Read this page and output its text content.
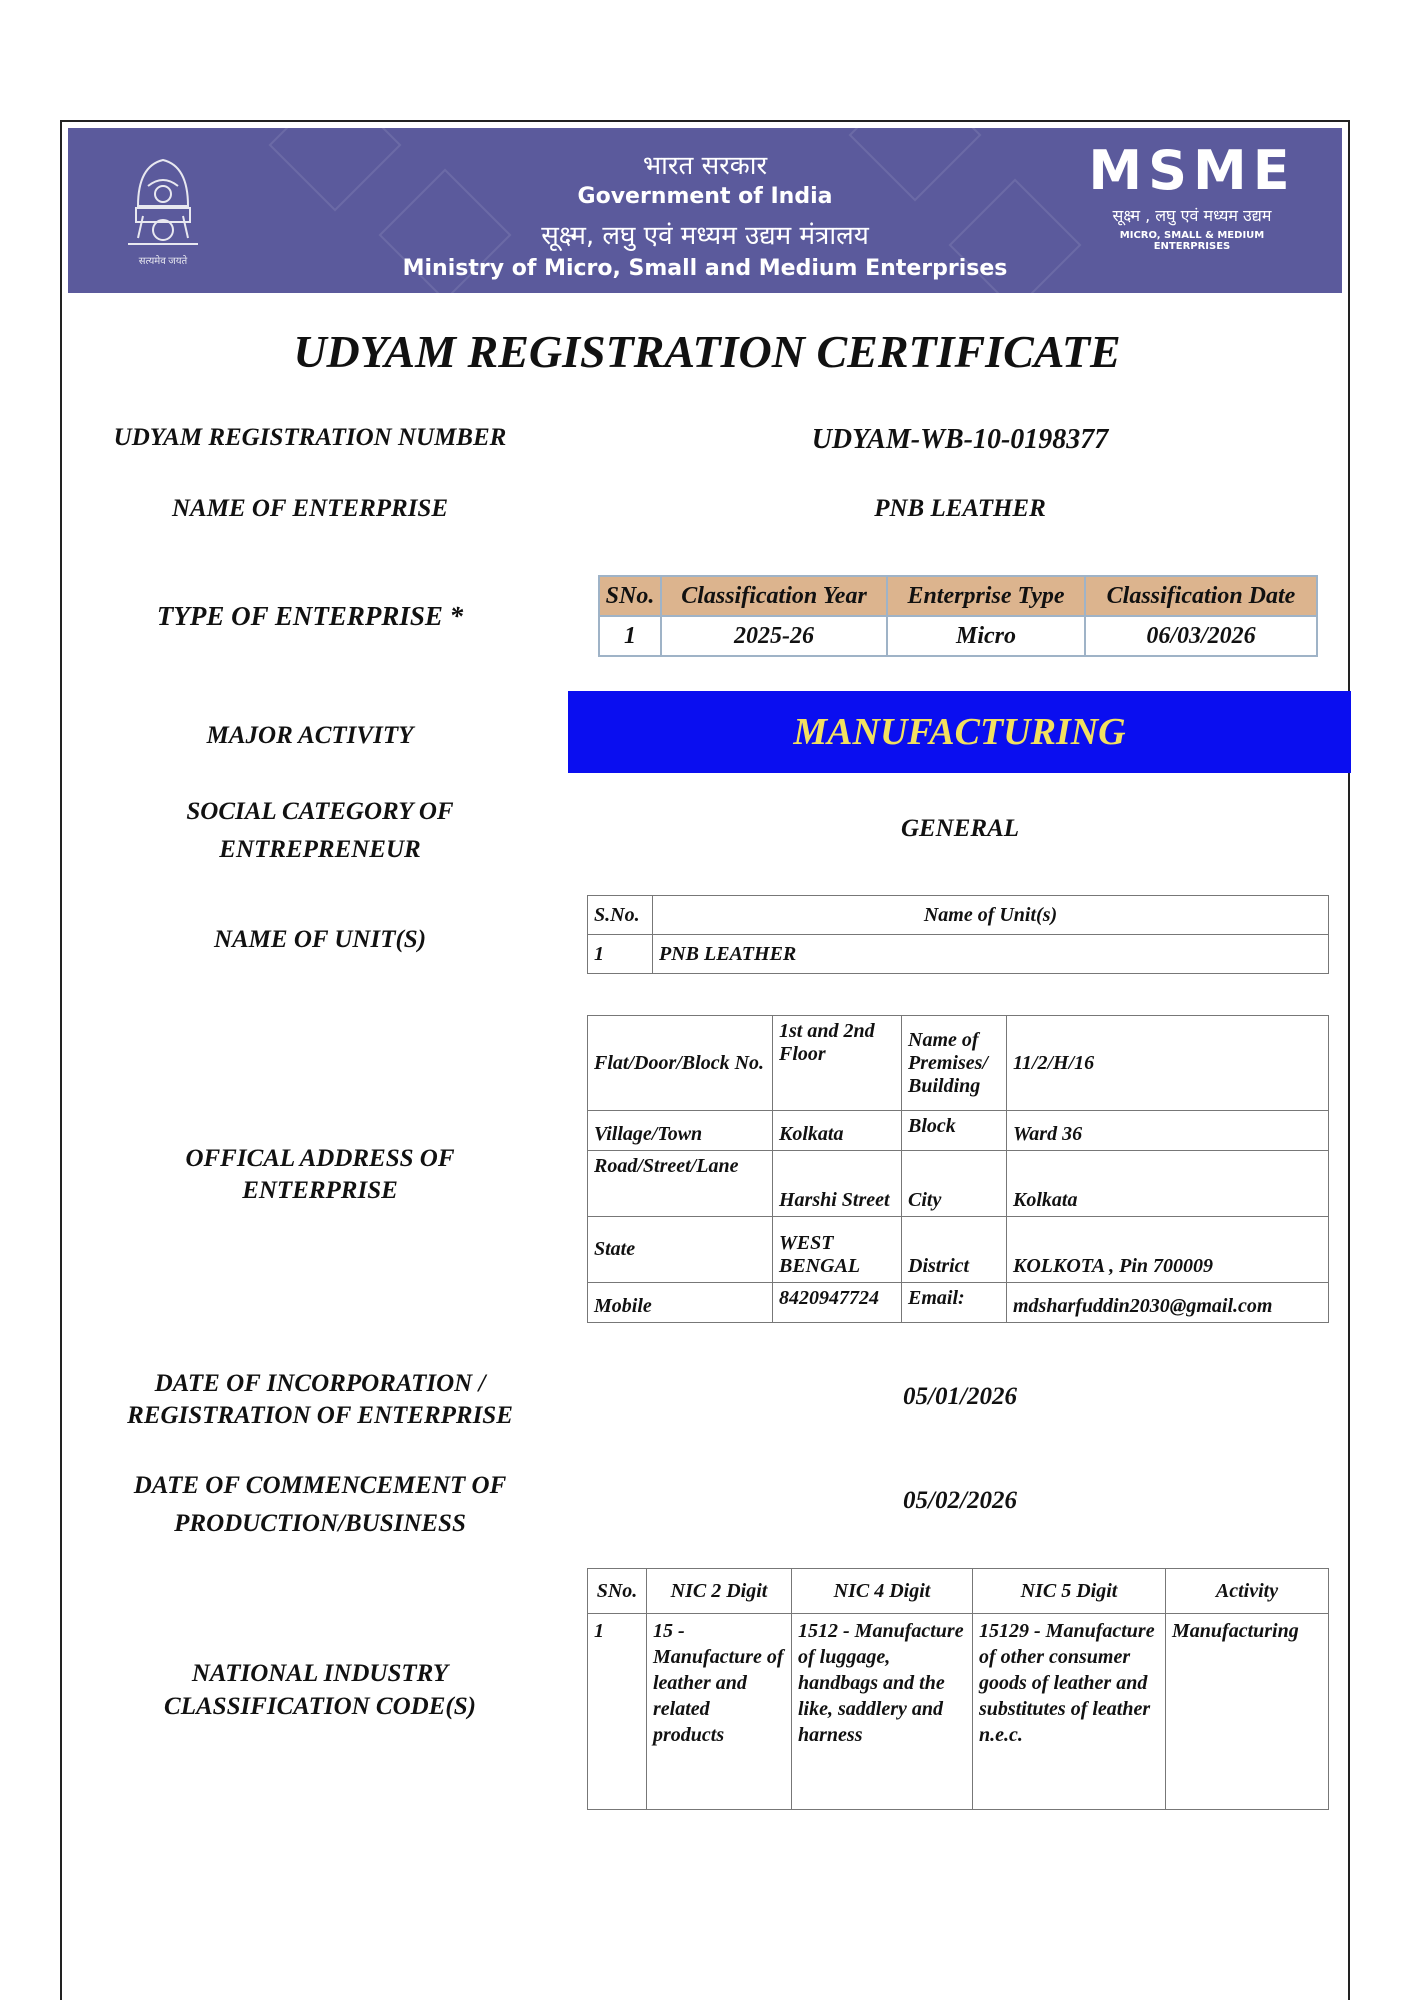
सत्यमेव जयते
भारत सरकार
Government of India
सूक्ष्म, लघु एवं मध्यम उद्यम मंत्रालय
Ministry of Micro, Small and Medium Enterprises
MSME
सूक्ष्म , लघु एवं मध्यम उद्यम
MICRO, SMALL & MEDIUM ENTERPRISES
UDYAM REGISTRATION CERTIFICATE
UDYAM REGISTRATION NUMBER	UDYAM-WB-10-0198377
NAME OF ENTERPRISE	PNB LEATHER
TYPE OF ENTERPRISE *
SNo.	Classification Year	Enterprise Type	Classification Date
1	2025-26	Micro	06/03/2026
MAJOR ACTIVITY	MANUFACTURING
SOCIAL CATEGORY OF
ENTREPRENEUR
GENERAL
NAME OF UNIT(S)
S.No.	Name of Unit(s)
1	PNB LEATHER
OFFICAL ADDRESS OF
ENTERPRISE
Flat/Door/Block No.	1st and 2nd Floor	Name of Premises/ Building	11/2/H/16
Village/Town	Kolkata	Block	Ward 36
Road/Street/Lane	Harshi Street	City	Kolkata
State	WEST BENGAL	District	KOLKOTA , Pin 700009
Mobile	8420947724	Email:	mdsharfuddin2030@gmail.com
DATE OF INCORPORATION /
REGISTRATION OF ENTERPRISE
05/01/2026
DATE OF COMMENCEMENT OF
PRODUCTION/BUSINESS
05/02/2026
NATIONAL INDUSTRY
CLASSIFICATION CODE(S)
SNo.	NIC 2 Digit	NIC 4 Digit	NIC 5 Digit	Activity
1	15 - Manufacture of leather and related products	1512 - Manufacture of luggage, handbags and the like, saddlery and harness	15129 - Manufacture of other consumer goods of leather and substitutes of leather n.e.c.	Manufacturing
